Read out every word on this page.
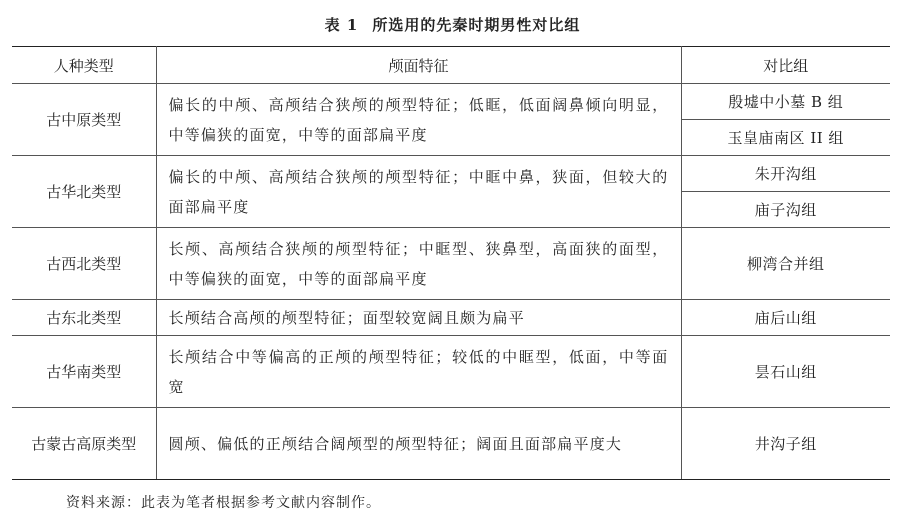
表 1 所选用的先秦时期男性对比组
人种类型	颅面特征	对比组
古中原类型	偏长的中颅、高颅结合狭颅的颅型特征；低眶，低面阔鼻倾向明显，中等偏狭的面宽，中等的面部扁平度	殷墟中小墓 B 组
		玉皇庙南区 II 组
古华北类型	偏长的中颅、高颅结合狭颅的颅型特征；中眶中鼻，狭面，但较大的面部扁平度	朱开沟组
		庙子沟组
古西北类型	长颅、高颅结合狭颅的颅型特征；中眶型、狭鼻型，高面狭的面型，中等偏狭的面宽，中等的面部扁平度	柳湾合并组
古东北类型	长颅结合高颅的颅型特征；面型较宽阔且颇为扁平	庙后山组
古华南类型	长颅结合中等偏高的正颅的颅型特征；较低的中眶型，低面，中等面宽	昙石山组
古蒙古高原类型	圆颅、偏低的正颅结合阔颅型的颅型特征；阔面且面部扁平度大	井沟子组
资料来源：此表为笔者根据参考文献内容制作。
